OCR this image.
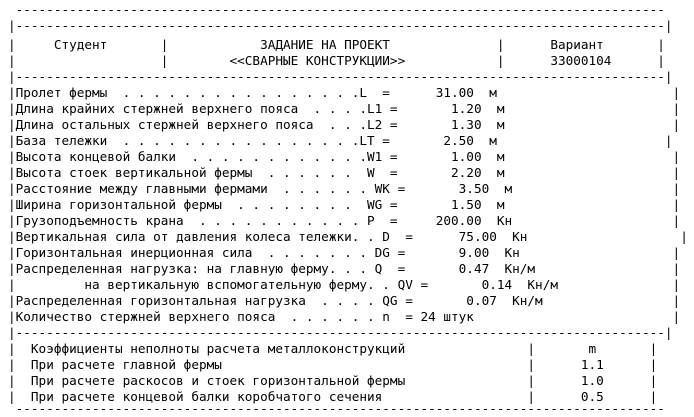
-------------------------------------------------------------------------------------
|-------------------------------------------------------------------------------------|
|     Студент       |            ЗАДАНИЕ НА ПРОЕКТ              |      Вариант       |
|                   |        <<СВАРНЫЕ КОНСТРУКЦИИ>>            |      33000104      |
|-------------------------------------------------------------------------------------|
|Пролет фермы  . . . . . . . . . . . . . . . .L  =      31.00  м                       |
|Длина крайних стержней верхнего пояса  . . . .L1 =       1.20  м                      |
|Длина остальных стержней верхнего пояса  . . .L2 =       1.30  м                      |
|База тележки  . . . . . . . . . . . . . . . .LT =       2.50  м                      |
|Высота концевой балки  . . . . . . . . . . . .W1 =       1.00  м                      |
|Высота стоек вертикальной фермы  . . . . . .  W  =       2.20  м                      |
|Расстояние между главными фермами  . . . . . . WK =       3.50  м                     |
|Ширина горизонтальной фермы  . . . . . . . .  WG =       1.50  м                      |
|Грузоподъемность крана  . . . . . . . . . . . P  =     200.00  Кн                     |
|Вертикальная сила от давления колеса тележки. . D  =      75.00  Кн                    |
|Горизонтальная инерционная сила  . . . . . . . DG =       9.00  Кн                    |
|Распределенная нагрузка: на главную ферму. . . Q  =       0.47  Кн/м                  |
|         на вертикальную вспомогательную ферму. . QV =       0.14  Кн/м               |
|Распределенная горизонтальная нагрузка  . . . . QG =       0.07  Кн/м                 |
|Количество стержней верхнего пояса  . . . . . . n  = 24 штук                          |
|-------------------------------------------------------------------------------------|
|  Коэффициенты неполноты расчета металлоконструкций                |       m       |
|  При расчете главной фермы                                        |      1.1      |
|  При расчете раскосов и стоек горизонтальной фермы                |      1.0      |
|  При расчете концевой балки коробчатого сечения                   |      0.5      |
-------------------------------------------------------------------------------------
